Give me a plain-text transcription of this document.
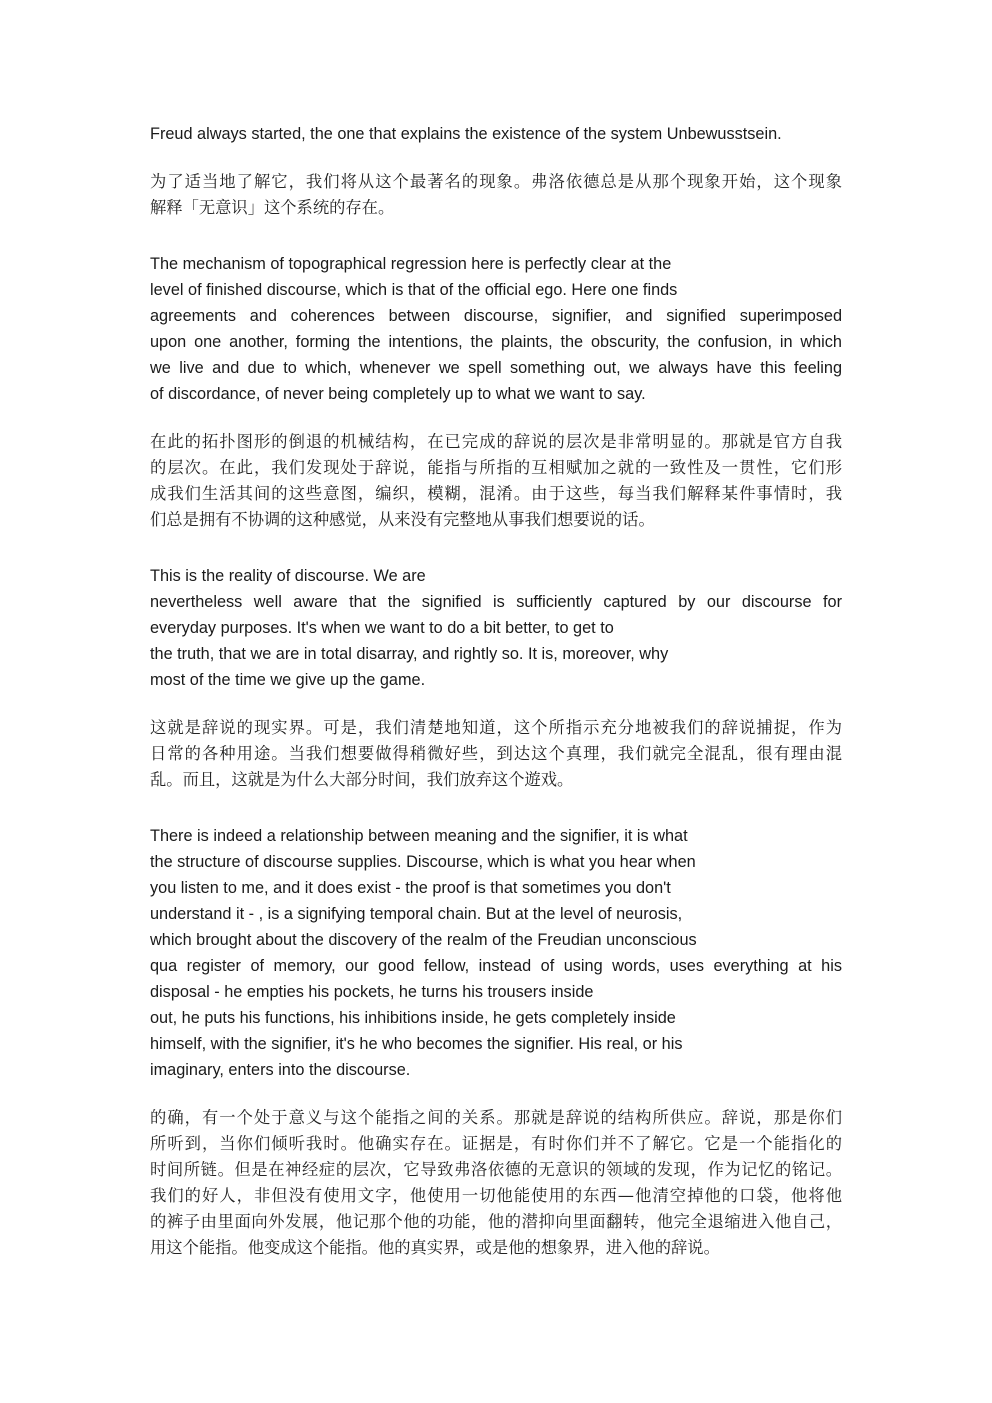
Freud always started, the one that explains the existence of the system Unbewusstsein.
为了适当地了解它，我们将从这个最著名的现象。弗洛依德总是从那个现象开始，这个现象
解释「无意识」这个系统的存在。
The mechanism of topographical regression here is perfectly clear at the
level of finished discourse, which is that of the official ego. Here one finds
agreements and coherences between discourse, signifier, and signified superimposed
upon one another, forming the intentions, the plaints, the obscurity, the confusion, in which
we live and due to which, whenever we spell something out, we always have this feeling
of discordance, of never being completely up to what we want to say.
在此的拓扑图形的倒退的机械结构，在已完成的辞说的层次是非常明显的。那就是官方自我
的层次。在此，我们发现处于辞说，能指与所指的互相赋加之就的一致性及一贯性，它们形
成我们生活其间的这些意图，编织，模糊，混淆。由于这些，每当我们解释某件事情时，我
们总是拥有不协调的这种感觉，从来没有完整地从事我们想要说的话。
This is the reality of discourse. We are
nevertheless well aware that the signified is sufficiently captured by our discourse for
everyday purposes. It's when we want to do a bit better, to get to
the truth, that we are in total disarray, and rightly so. It is, moreover, why
most of the time we give up the game.
这就是辞说的现实界。可是，我们清楚地知道，这个所指示充分地被我们的辞说捕捉，作为
日常的各种用途。当我们想要做得稍微好些，到达这个真理，我们就完全混乱，很有理由混
乱。而且，这就是为什么大部分时间，我们放弃这个遊戏。
There is indeed a relationship between meaning and the signifier, it is what
the structure of discourse supplies. Discourse, which is what you hear when
you listen to me, and it does exist - the proof is that sometimes you don't
understand it - , is a signifying temporal chain. But at the level of neurosis,
which brought about the discovery of the realm of the Freudian unconscious
qua register of memory, our good fellow, instead of using words, uses everything at his
disposal - he empties his pockets, he turns his trousers inside
out, he puts his functions, his inhibitions inside, he gets completely inside
himself, with the signifier, it's he who becomes the signifier. His real, or his
imaginary, enters into the discourse.
的确，有一个处于意义与这个能指之间的关系。那就是辞说的结构所供应。辞说，那是你们
所听到，当你们倾听我时。他确实存在。证据是，有时你们并不了解它。它是一个能指化的
时间所链。但是在神经症的层次，它导致弗洛依德的无意识的领域的发现，作为记忆的铭记。
我们的好人，非但没有使用文字，他使用一切他能使用的东西—他清空掉他的口袋，他将他
的裤子由里面向外发展，他记那个他的功能，他的潜抑向里面翻转，他完全退缩进入他自己，
用这个能指。他变成这个能指。他的真实界，或是他的想象界，进入他的辞说。
